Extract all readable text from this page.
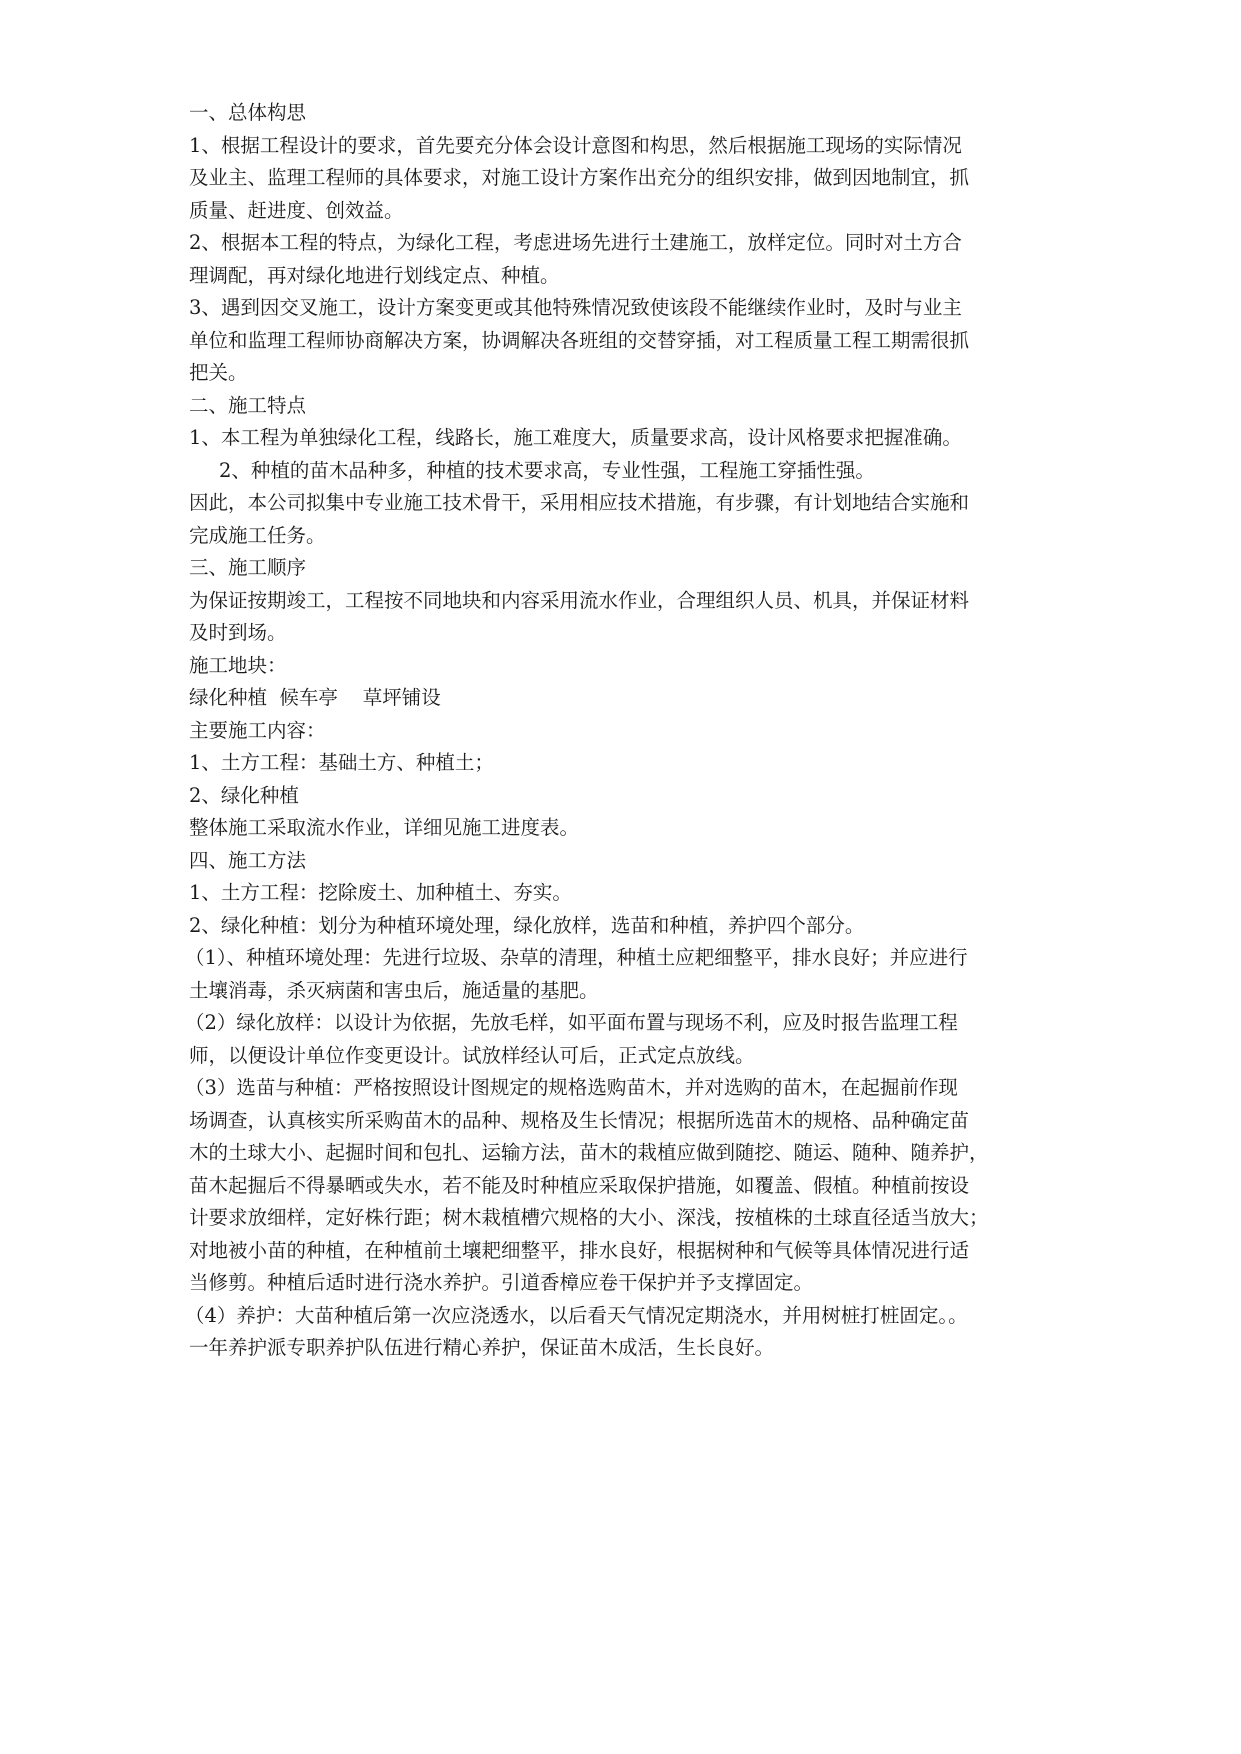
一、总体构思
1、根据工程设计的要求，首先要充分体会设计意图和构思，然后根据施工现场的实际情况
及业主、监理工程师的具体要求，对施工设计方案作出充分的组织安排，做到因地制宜，抓
质量、赶进度、创效益。
2、根据本工程的特点，为绿化工程，考虑进场先进行土建施工，放样定位。同时对土方合
理调配，再对绿化地进行划线定点、种植。
3、遇到因交叉施工，设计方案变更或其他特殊情况致使该段不能继续作业时，及时与业主
单位和监理工程师协商解决方案，协调解决各班组的交替穿插，对工程质量工程工期需很抓
把关。
二、施工特点
1、本工程为单独绿化工程，线路长，施工难度大，质量要求高，设计风格要求把握准确。
2、种植的苗木品种多，种植的技术要求高，专业性强，工程施工穿插性强。
因此，本公司拟集中专业施工技术骨干，采用相应技术措施，有步骤，有计划地结合实施和
完成施工任务。
三、施工顺序
为保证按期竣工，工程按不同地块和内容采用流水作业，合理组织人员、机具，并保证材料
及时到场。
施工地块：
绿化种植  候车亭    草坪铺设
主要施工内容：
1、土方工程：基础土方、种植土；
2、绿化种植
整体施工采取流水作业，详细见施工进度表。
四、施工方法
1、土方工程：挖除废土、加种植土、夯实。
2、绿化种植：划分为种植环境处理，绿化放样，选苗和种植，养护四个部分。
（1）、种植环境处理：先进行垃圾、杂草的清理，种植土应耙细整平，排水良好；并应进行
土壤消毒，杀灭病菌和害虫后，施适量的基肥。
（2）绿化放样：以设计为依据，先放毛样，如平面布置与现场不利，应及时报告监理工程
师，以便设计单位作变更设计。试放样经认可后，正式定点放线。
（3）选苗与种植：严格按照设计图规定的规格选购苗木，并对选购的苗木，在起掘前作现
场调查，认真核实所采购苗木的品种、规格及生长情况；根据所选苗木的规格、品种确定苗
木的土球大小、起掘时间和包扎、运输方法，苗木的栽植应做到随挖、随运、随种、随养护，
苗木起掘后不得暴晒或失水，若不能及时种植应采取保护措施，如覆盖、假植。种植前按设
计要求放细样，定好株行距；树木栽植槽穴规格的大小、深浅，按植株的土球直径适当放大；
对地被小苗的种植，在种植前土壤耙细整平，排水良好，根据树种和气候等具体情况进行适
当修剪。种植后适时进行浇水养护。引道香樟应卷干保护并予支撑固定。
（4）养护：大苗种植后第一次应浇透水，以后看天气情况定期浇水，并用树桩打桩固定。。
一年养护派专职养护队伍进行精心养护，保证苗木成活，生长良好。
